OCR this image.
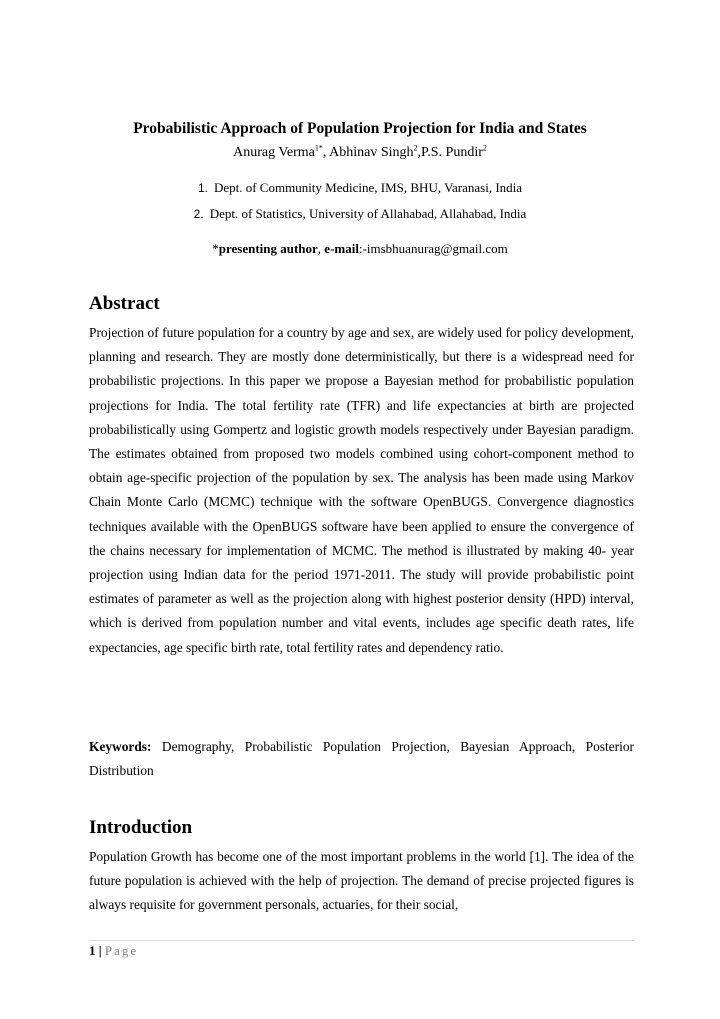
Probabilistic Approach of Population Projection for India and States
Anurag Verma$^{1*}$, Abhinav Singh$^2$,P.S. Pundir$^2$
1. Dept. of Community Medicine, IMS, BHU, Varanasi, India
2. Dept. of Statistics, University of Allahabad, Allahabad, India
*presenting author, e-mail:-imsbhuanurag@gmail.com
Abstract

Projection of future population for a country by age and sex, are widely used for policy development, planning and research. They are mostly done deterministically, but there is a widespread need for probabilistic projections. In this paper we propose a Bayesian method for probabilistic population projections for India. The total fertility rate (TFR) and life expectancies at birth are projected probabilistically using Gompertz and logistic growth models respectively under Bayesian paradigm. The estimates obtained from proposed two models combined using cohort-component method to obtain age-specific projection of the population by sex. The analysis has been made using Markov Chain Monte Carlo (MCMC) technique with the software OpenBUGS. Convergence diagnostics techniques available with the OpenBUGS software have been applied to ensure the convergence of the chains necessary for implementation of MCMC. The method is illustrated by making 40- year projection using Indian data for the period 1971-2011. The study will provide probabilistic point estimates of parameter as well as the projection along with highest posterior density (HPD) interval, which is derived from population number and vital events, includes age specific death rates, life expectancies, age specific birth rate, total fertility rates and dependency ratio.

Keywords: Demography, Probabilistic Population Projection, Bayesian Approach, Posterior Distribution

Introduction

Population Growth has become one of the most important problems in the world [1]. The idea of the future population is achieved with the help of projection. The demand of precise projected figures is always requisite for government personals, actuaries, for their social,

1 | Page
